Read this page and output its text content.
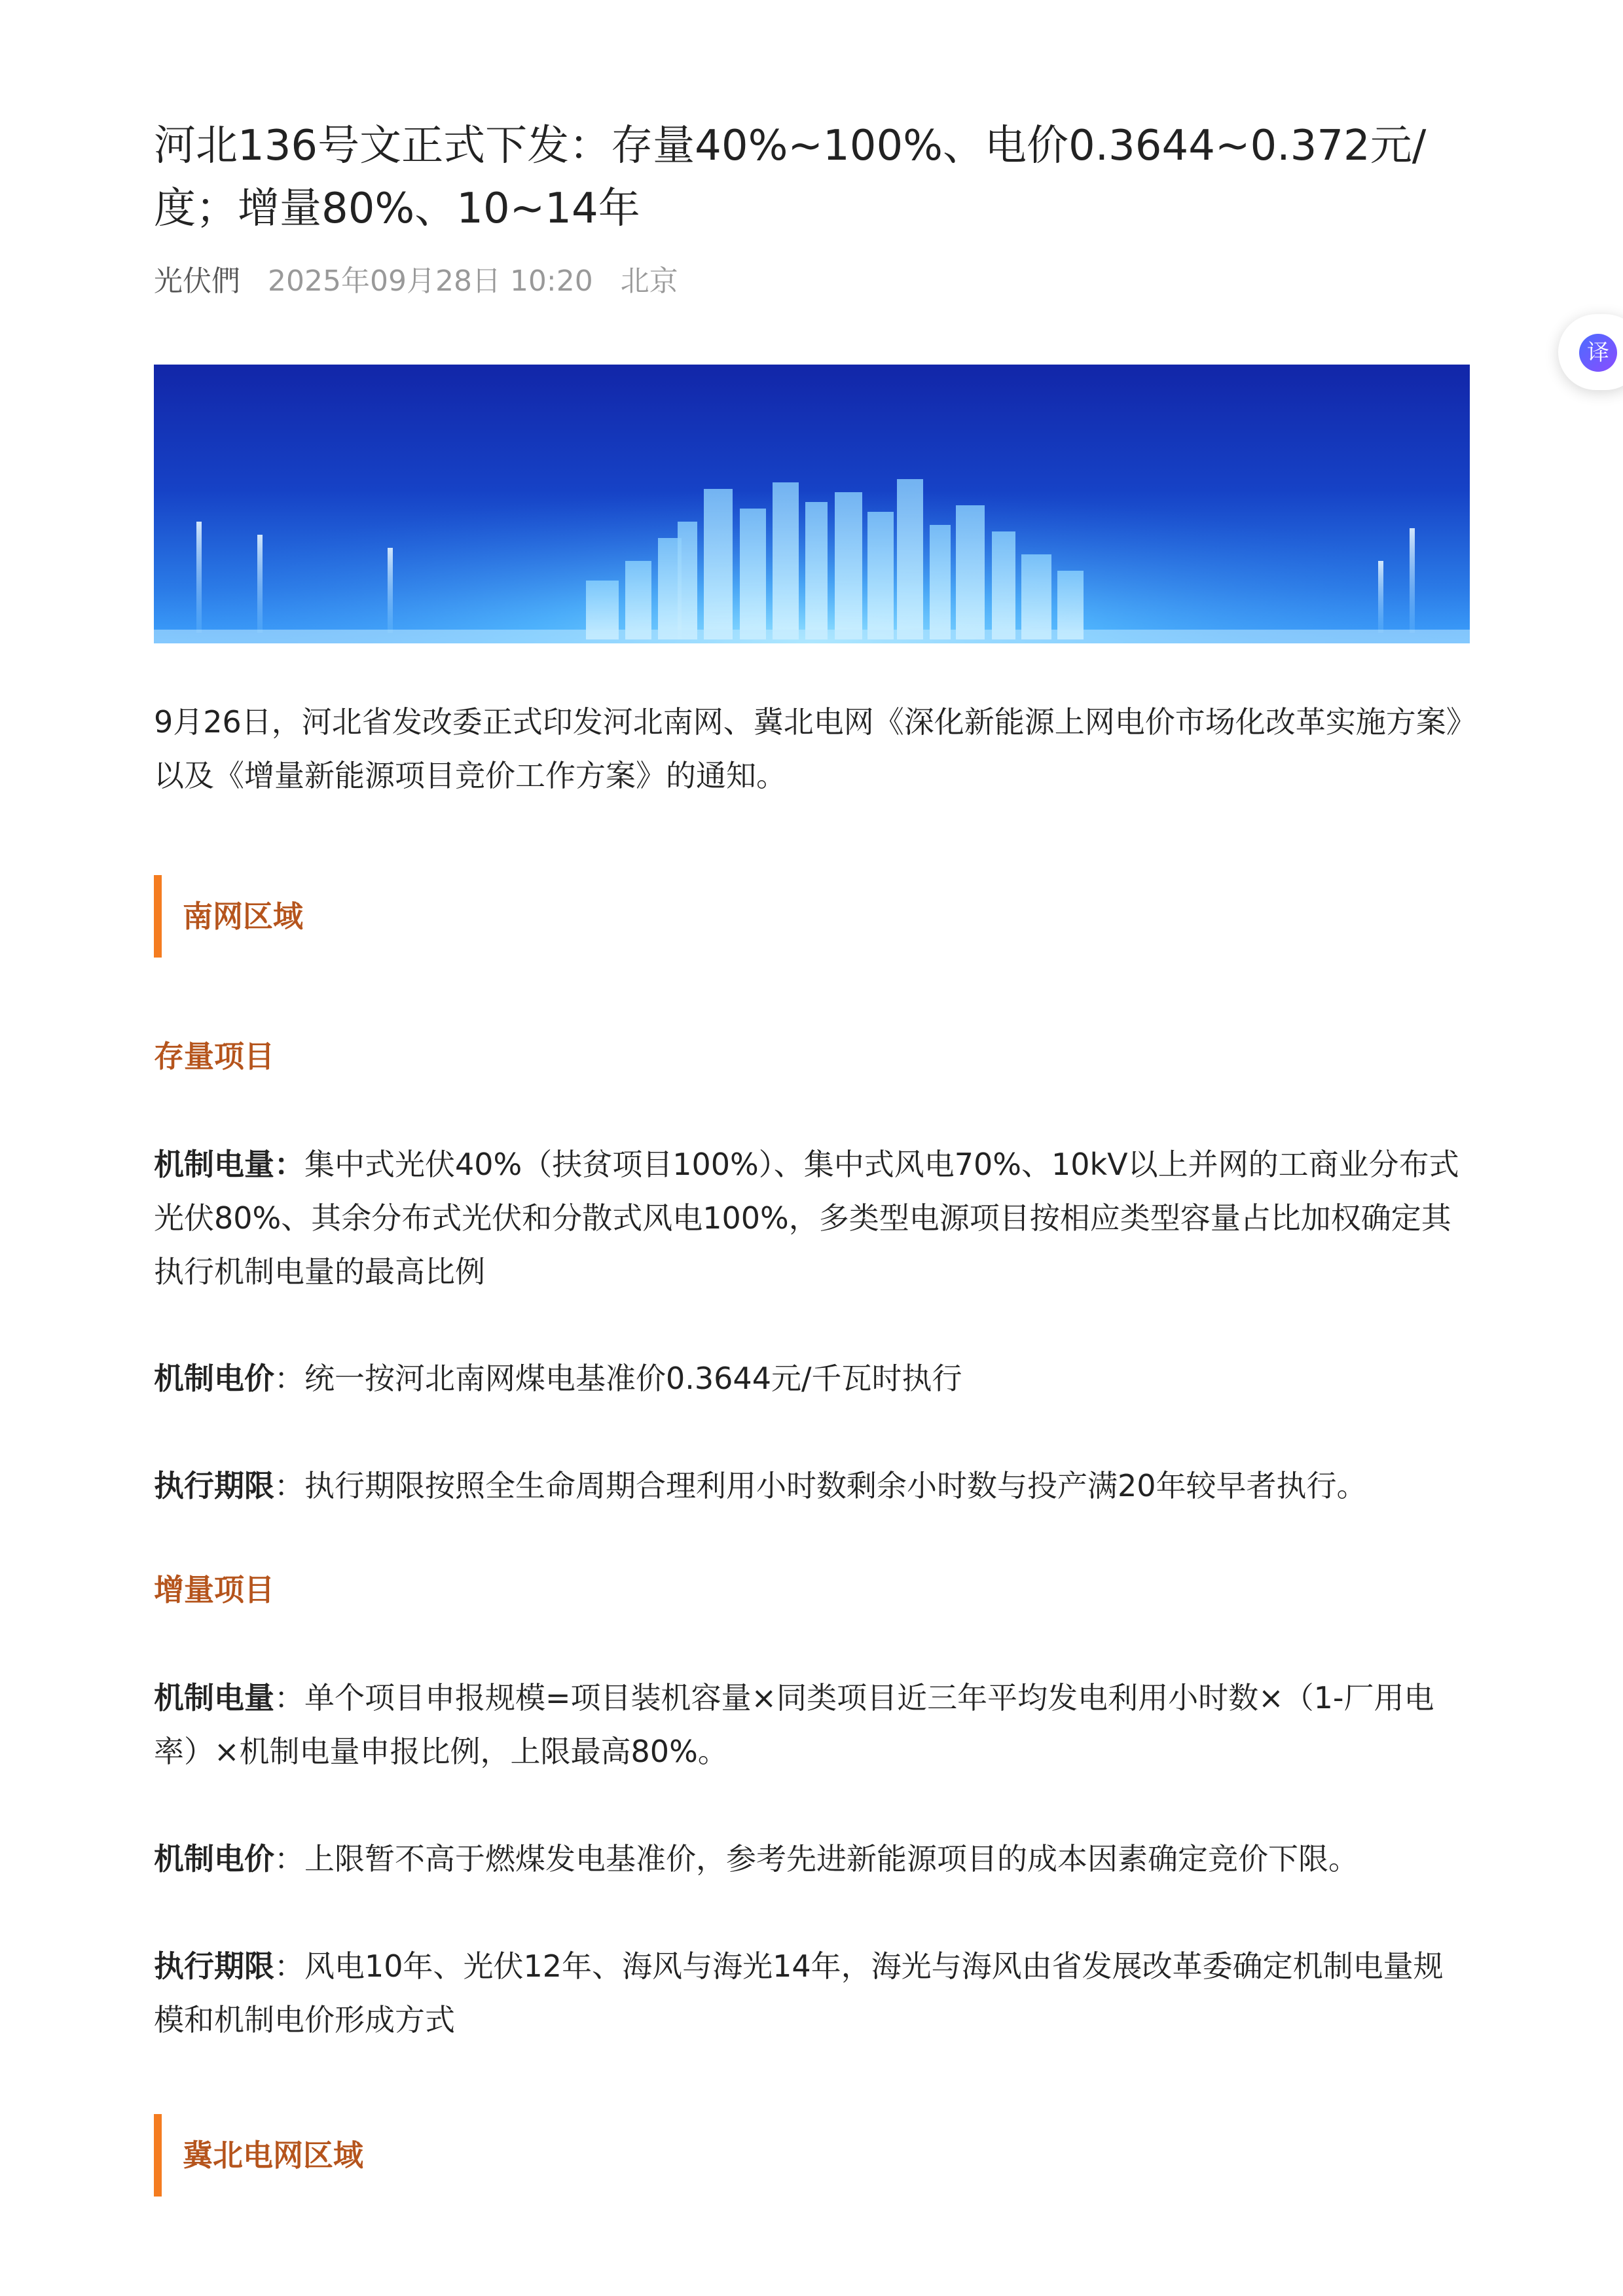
河北136号文正式下发：存量40%~100%、电价0.3644~0.372元/度；增量80%、10~14年
光伏們 2025年09月28日 10:20 北京

9月26日，河北省发改委正式印发河北南网、冀北电网《深化新能源上网电价市场化改革实施方案》以及《增量新能源项目竞价工作方案》的通知。

南网区域
存量项目

机制电量：集中式光伏40%（扶贫项目100%）、集中式风电70%、10kV以上并网的工商业分布式光伏80%、其余分布式光伏和分散式风电100%，多类型电源项目按相应类型容量占比加权确定其执行机制电量的最高比例

机制电价：统一按河北南网煤电基准价0.3644元/千瓦时执行

执行期限：执行期限按照全生命周期合理利用小时数剩余小时数与投产满20年较早者执行。

增量项目

机制电量：单个项目申报规模=项目装机容量×同类项目近三年平均发电利用小时数×（1-厂用电率）×机制电量申报比例，上限最高80%。

机制电价：上限暂不高于燃煤发电基准价，参考先进新能源项目的成本因素确定竞价下限。

执行期限：风电10年、光伏12年、海风与海光14年，海光与海风由省发展改革委确定机制电量规模和机制电价形成方式

冀北电网区域
译
